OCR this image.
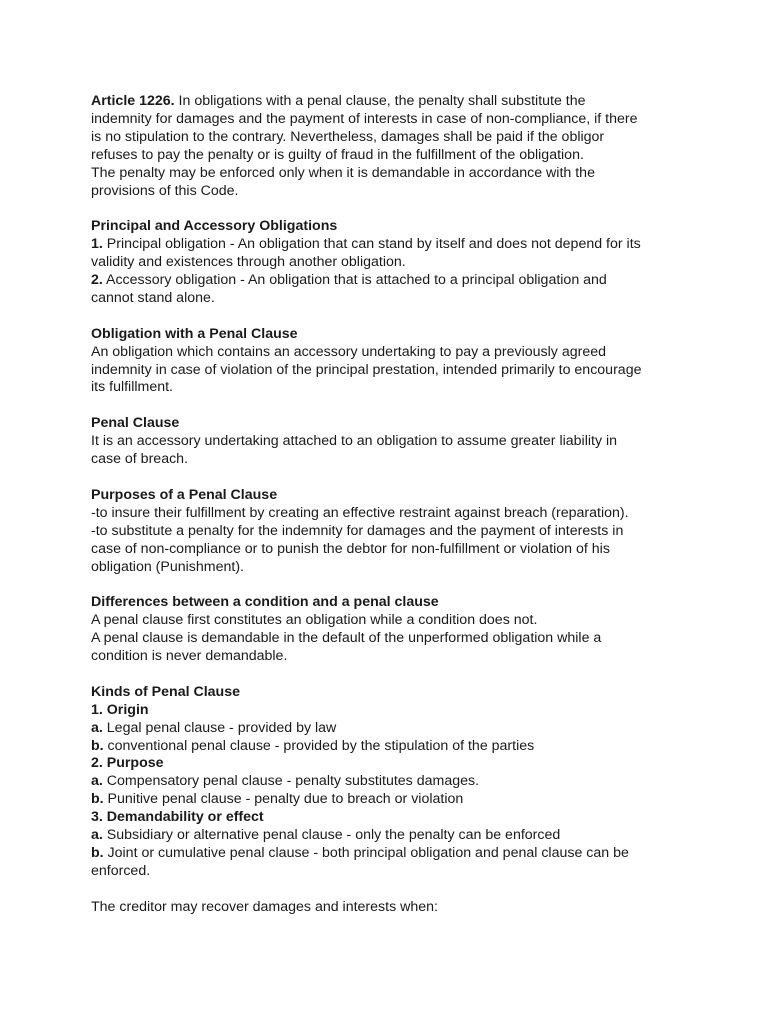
Article 1226. In obligations with a penal clause, the penalty shall substitute the
indemnity for damages and the payment of interests in case of non-compliance, if there
is no stipulation to the contrary. Nevertheless, damages shall be paid if the obligor
refuses to pay the penalty or is guilty of fraud in the fulfillment of the obligation.
The penalty may be enforced only when it is demandable in accordance with the
provisions of this Code.
Principal and Accessory Obligations
1. Principal obligation - An obligation that can stand by itself and does not depend for its
validity and existences through another obligation.
2. Accessory obligation - An obligation that is attached to a principal obligation and
cannot stand alone.
Obligation with a Penal Clause
An obligation which contains an accessory undertaking to pay a previously agreed
indemnity in case of violation of the principal prestation, intended primarily to encourage
its fulfillment.
Penal Clause
It is an accessory undertaking attached to an obligation to assume greater liability in
case of breach.
Purposes of a Penal Clause
-to insure their fulfillment by creating an effective restraint against breach (reparation).
-to substitute a penalty for the indemnity for damages and the payment of interests in
case of non-compliance or to punish the debtor for non-fulfillment or violation of his
obligation (Punishment).
Differences between a condition and a penal clause
A penal clause first constitutes an obligation while a condition does not.
A penal clause is demandable in the default of the unperformed obligation while a
condition is never demandable.
Kinds of Penal Clause
1. Origin
a. Legal penal clause - provided by law
b. conventional penal clause - provided by the stipulation of the parties
2. Purpose
a. Compensatory penal clause - penalty substitutes damages.
b. Punitive penal clause - penalty due to breach or violation
3. Demandability or effect
a. Subsidiary or alternative penal clause - only the penalty can be enforced
b. Joint or cumulative penal clause - both principal obligation and penal clause can be
enforced.
The creditor may recover damages and interests when:
